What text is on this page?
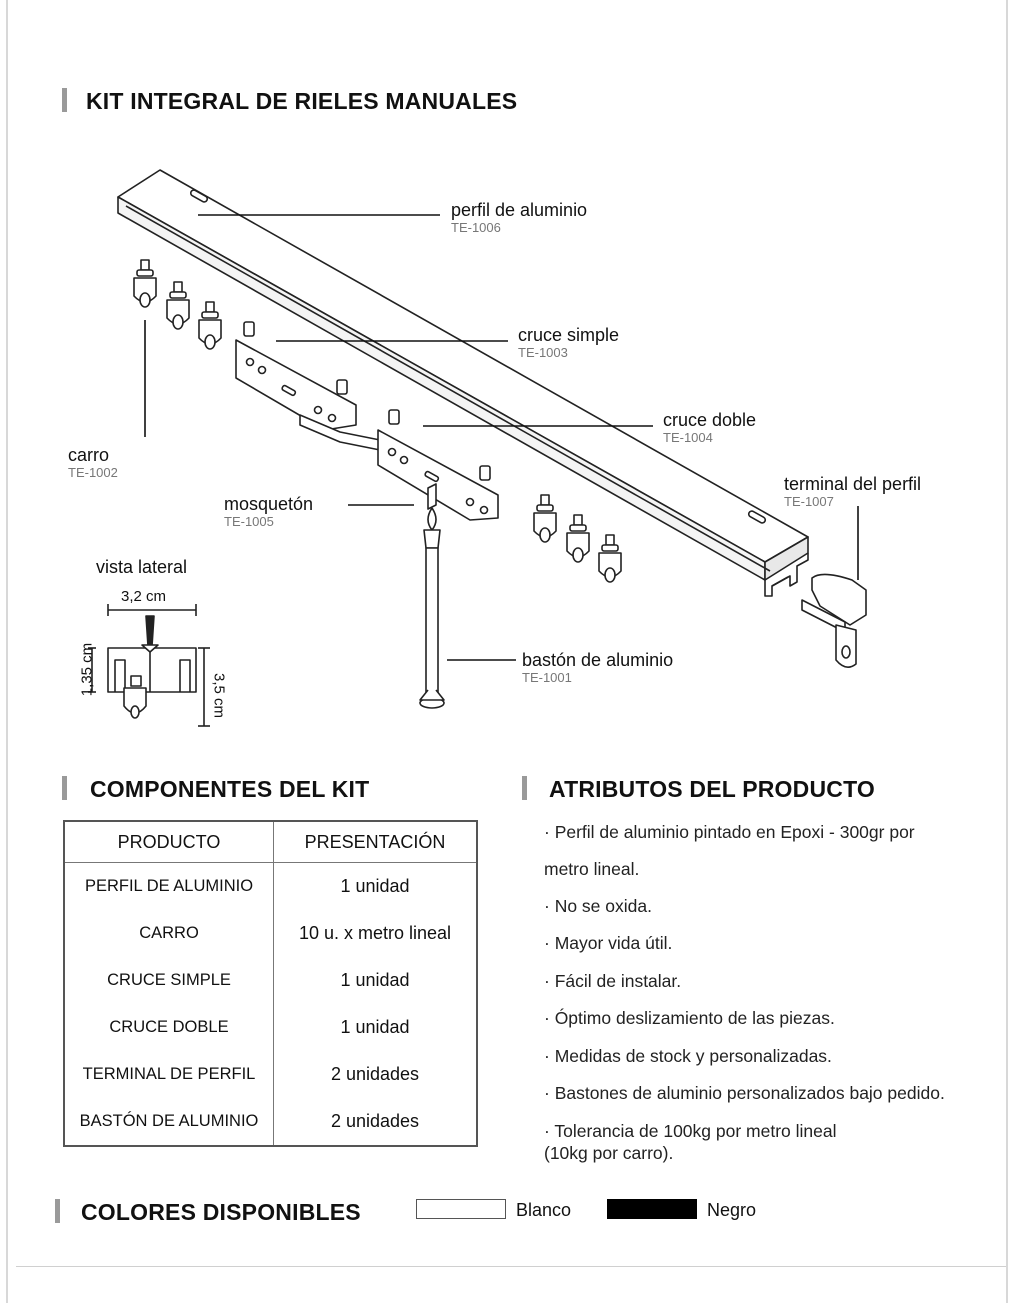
KIT INTEGRAL DE RIELES MANUALES
perfil de aluminio
TE-1006
cruce simple
TE-1003
cruce doble
TE-1004
terminal del perfil
TE-1007
carro
TE-1002
mosquetón
TE-1005
bastón de aluminio
TE-1001
vista lateral
3,2 cm
1,35 cm	3,5 cm
COMPONENTES DEL KIT
PRODUCTO	PRESENTACIÓN
PERFIL DE ALUMINIO	1 unidad
CARRO	10 u. x metro lineal
CRUCE SIMPLE	1 unidad
CRUCE DOBLE	1 unidad
TERMINAL DE PERFIL	2 unidades
BASTÓN DE ALUMINIO	2 unidades
ATRIBUTOS DEL PRODUCTO
· Perfil de aluminio pintado en Epoxi - 300gr por
metro lineal.
· No se oxida.
· Mayor vida útil.
· Fácil de instalar.
· Óptimo deslizamiento de las piezas.
· Medidas de stock y personalizadas.
· Bastones de aluminio personalizados bajo pedido.
· Tolerancia de 100kg por metro lineal
(10kg por carro).
COLORES DISPONIBLES	Blanco	Negro
